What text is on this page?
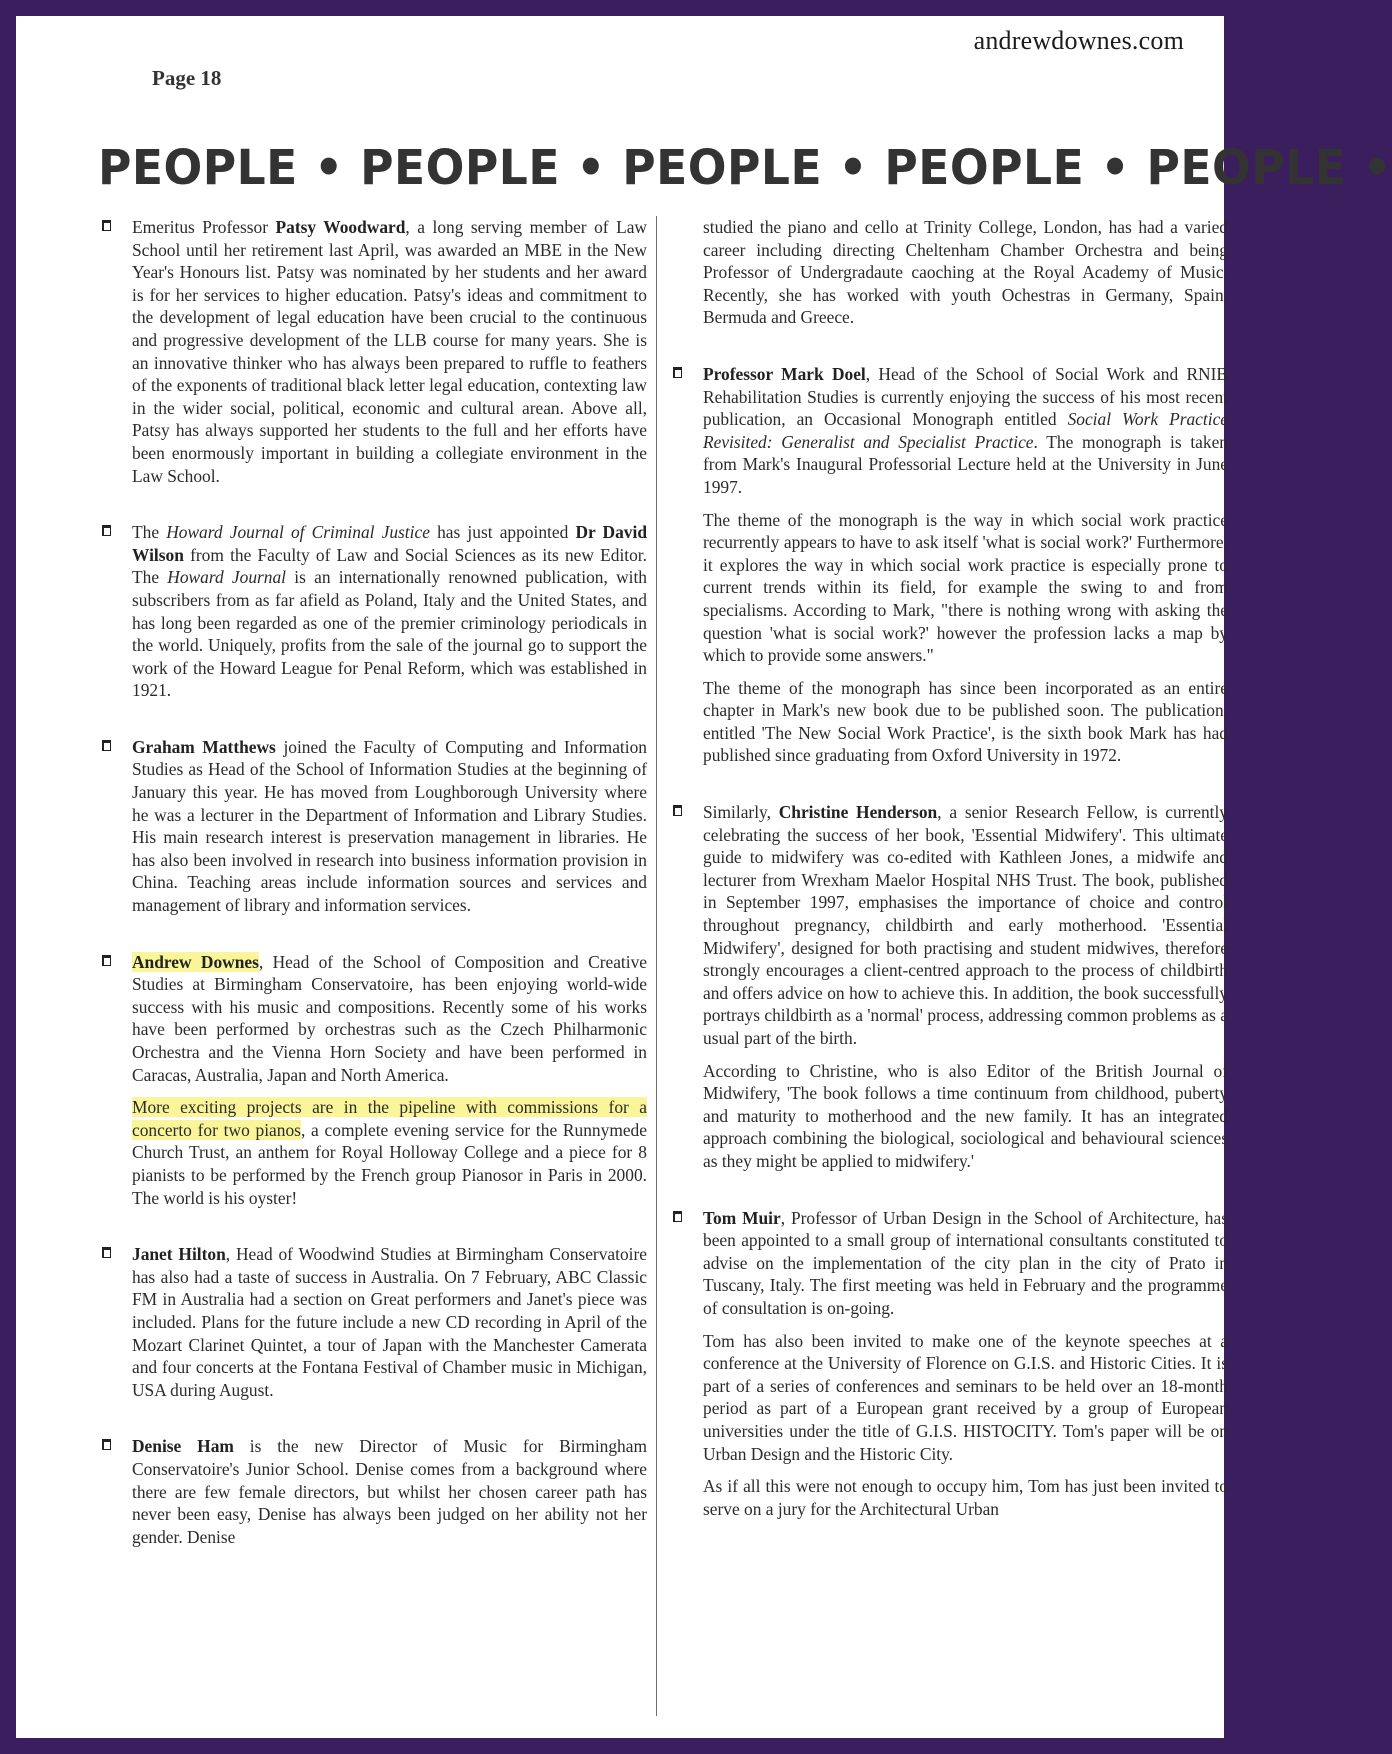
andrewdownes.com
Page 18
PEOPLE • PEOPLE • PEOPLE • PEOPLE • PEOPLE •

Emeritus Professor Patsy Woodward, a long serving member of Law School until her retirement last April, was awarded an MBE in the New Year's Honours list. Patsy was nominated by her students and her award is for her services to higher education. Patsy's ideas and commitment to the development of legal education have been crucial to the continuous and progressive development of the LLB course for many years. She is an innovative thinker who has always been prepared to ruffle to feathers of the exponents of traditional black letter legal education, contexting law in the wider social, political, economic and cultural arean. Above all, Patsy has always supported her students to the full and her efforts have been enormously important in building a collegiate environment in the Law School.

The Howard Journal of Criminal Justice has just appointed Dr David Wilson from the Faculty of Law and Social Sciences as its new Editor. The Howard Journal is an internationally renowned publication, with subscribers from as far afield as Poland, Italy and the United States, and has long been regarded as one of the premier criminology periodicals in the world. Uniquely, profits from the sale of the journal go to support the work of the Howard League for Penal Reform, which was established in 1921.

Graham Matthews joined the Faculty of Computing and Information Studies as Head of the School of Information Studies at the beginning of January this year. He has moved from Loughborough University where he was a lecturer in the Department of Information and Library Studies. His main research interest is preservation management in libraries. He has also been involved in research into business information provision in China. Teaching areas include information sources and services and management of library and information services.

Andrew Downes, Head of the School of Composition and Creative Studies at Birmingham Conservatoire, has been enjoying world-wide success with his music and compositions. Recently some of his works have been performed by orchestras such as the Czech Philharmonic Orchestra and the Vienna Horn Society and have been performed in Caracas, Australia, Japan and North America.

More exciting projects are in the pipeline with commissions for a concerto for two pianos, a complete evening service for the Runnymede Church Trust, an anthem for Royal Holloway College and a piece for 8 pianists to be performed by the French group Pianosor in Paris in 2000. The world is his oyster!

Janet Hilton, Head of Woodwind Studies at Birmingham Conservatoire has also had a taste of success in Australia. On 7 February, ABC Classic FM in Australia had a section on Great performers and Janet's piece was included. Plans for the future include a new CD recording in April of the Mozart Clarinet Quintet, a tour of Japan with the Manchester Camerata and four concerts at the Fontana Festival of Chamber music in Michigan, USA during August.

Denise Ham is the new Director of Music for Birmingham Conservatoire's Junior School. Denise comes from a background where there are few female directors, but whilst her chosen career path has never been easy, Denise has always been judged on her ability not her gender. Denise

studied the piano and cello at Trinity College, London, has had a varied career including directing Cheltenham Chamber Orchestra and being Professor of Undergradaute caoching at the Royal Academy of Music. Recently, she has worked with youth Ochestras in Germany, Spain, Bermuda and Greece.

Professor Mark Doel, Head of the School of Social Work and RNIB Rehabilitation Studies is currently enjoying the success of his most recent publication, an Occasional Monograph entitled Social Work Practice Revisited: Generalist and Specialist Practice. The monograph is taken from Mark's Inaugural Professorial Lecture held at the University in June 1997.

The theme of the monograph is the way in which social work practice recurrently appears to have to ask itself 'what is social work?' Furthermore, it explores the way in which social work practice is especially prone to current trends within its field, for example the swing to and from specialisms. According to Mark, "there is nothing wrong with asking the question 'what is social work?' however the profession lacks a map by which to provide some answers."

The theme of the monograph has since been incorporated as an entire chapter in Mark's new book due to be published soon. The publication, entitled 'The New Social Work Practice', is the sixth book Mark has had published since graduating from Oxford University in 1972.

Similarly, Christine Henderson, a senior Research Fellow, is currently celebrating the success of her book, 'Essential Midwifery'. This ultimate guide to midwifery was co-edited with Kathleen Jones, a midwife and lecturer from Wrexham Maelor Hospital NHS Trust. The book, published in September 1997, emphasises the importance of choice and control throughout pregnancy, childbirth and early motherhood. 'Essential Midwifery', designed for both practising and student midwives, therefore strongly encourages a client-centred approach to the process of childbirth and offers advice on how to achieve this. In addition, the book successfully portrays childbirth as a 'normal' process, addressing common problems as a usual part of the birth.

According to Christine, who is also Editor of the British Journal of Midwifery, 'The book follows a time continuum from childhood, puberty and maturity to motherhood and the new family. It has an integrated approach combining the biological, sociological and behavioural sciences as they might be applied to midwifery.'

Tom Muir, Professor of Urban Design in the School of Architecture, has been appointed to a small group of international consultants constituted to advise on the implementation of the city plan in the city of Prato in Tuscany, Italy. The first meeting was held in February and the programme of consultation is on-going.

Tom has also been invited to make one of the keynote speeches at a conference at the University of Florence on G.I.S. and Historic Cities. It is part of a series of conferences and seminars to be held over an 18-month period as part of a European grant received by a group of European universities under the title of G.I.S. HISTOCITY. Tom's paper will be on Urban Design and the Historic City.

As if all this were not enough to occupy him, Tom has just been invited to serve on a jury for the Architectural Urban
